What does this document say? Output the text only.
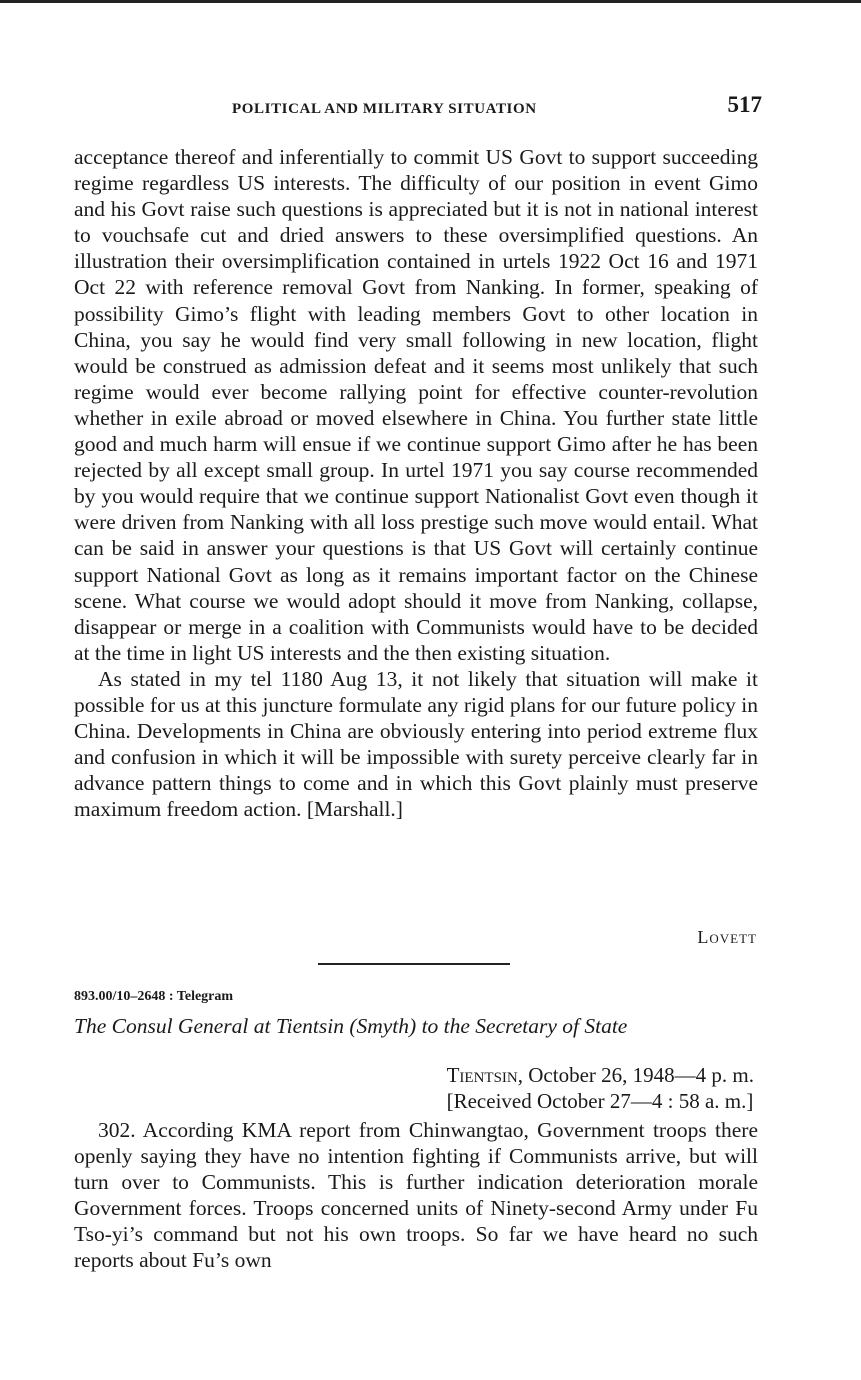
POLITICAL AND MILITARY SITUATION	517

acceptance thereof and inferentially to commit US Govt to support succeeding regime regardless US interests. The difficulty of our position in event Gimo and his Govt raise such questions is appreciated but it is not in national interest to vouchsafe cut and dried answers to these oversimplified questions. An illustration their oversimplification contained in urtels 1922 Oct 16 and 1971 Oct 22 with reference removal Govt from Nanking. In former, speaking of possibility Gimo’s flight with leading members Govt to other location in China, you say he would find very small following in new location, flight would be construed as admission defeat and it seems most unlikely that such regime would ever become rallying point for effective counter-revolution whether in exile abroad or moved elsewhere in China. You further state little good and much harm will ensue if we continue support Gimo after he has been rejected by all except small group. In urtel 1971 you say course recommended by you would require that we continue support Nationalist Govt even though it were driven from Nanking with all loss prestige such move would entail. What can be said in answer your questions is that US Govt will certainly continue support National Govt as long as it remains important factor on the Chinese scene. What course we would adopt should it move from Nanking, collapse, disappear or merge in a coalition with Communists would have to be decided at the time in light US interests and the then existing situation.

As stated in my tel 1180 Aug 13, it not likely that situation will make it possible for us at this juncture formulate any rigid plans for our future policy in China. Developments in China are obviously entering into period extreme flux and confusion in which it will be impossible with surety perceive clearly far in advance pattern things to come and in which this Govt plainly must preserve maximum freedom action. [Marshall.]

Lovett
893.00/10–2648 : Telegram
The Consul General at Tientsin (Smyth) to the Secretary of State
Tientsin, October 26, 1948—4 p. m.
[Received October 27—4 : 58 a. m.]

302. According KMA report from Chinwangtao, Government troops there openly saying they have no intention fighting if Communists arrive, but will turn over to Communists. This is further indication deterioration morale Government forces. Troops concerned units of Ninety-second Army under Fu Tso-yi’s command but not his own troops. So far we have heard no such reports about Fu’s own
